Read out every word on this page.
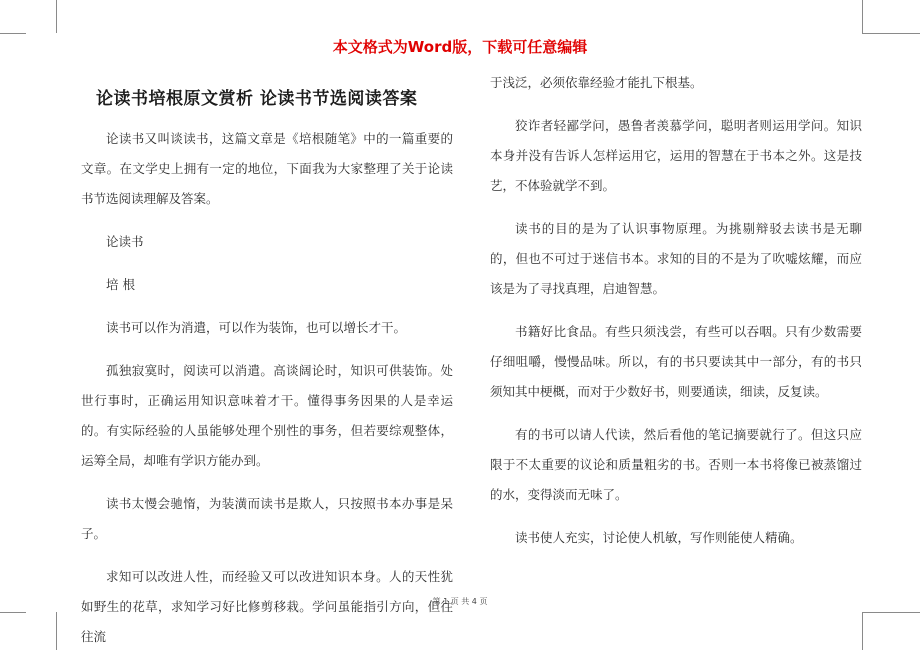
本文格式为Word版，下载可任意编辑
论读书培根原文赏析 论读书节选阅读答案

论读书又叫谈读书，这篇文章是《培根随笔》中的一篇重要的文章。在文学史上拥有一定的地位，下面我为大家整理了关于论读书节选阅读理解及答案。

论读书

培 根

读书可以作为消遣，可以作为装饰，也可以增长才干。

孤独寂寞时，阅读可以消遣。高谈阔论时，知识可供装饰。处世行事时，正确运用知识意味着才干。懂得事务因果的人是幸运的。有实际经验的人虽能够处理个别性的事务，但若要综观整体，运筹全局，却唯有学识方能办到。

读书太慢会驰惰，为装潢而读书是欺人，只按照书本办事是呆子。

求知可以改进人性，而经验又可以改进知识本身。人的天性犹如野生的花草，求知学习好比修剪移栽。学问虽能指引方向，但往往流

于浅泛，必须依靠经验才能扎下根基。

狡诈者轻鄙学问，愚鲁者羡慕学问，聪明者则运用学问。知识本身并没有告诉人怎样运用它，运用的智慧在于书本之外。这是技艺，不体验就学不到。

读书的目的是为了认识事物原理。为挑剔辩驳去读书是无聊的，但也不可过于迷信书本。求知的目的不是为了吹嘘炫耀，而应该是为了寻找真理，启迪智慧。

书籍好比食品。有些只须浅尝，有些可以吞咽。只有少数需要仔细咀嚼，慢慢品味。所以，有的书只要读其中一部分，有的书只须知其中梗概，而对于少数好书，则要通读，细读，反复读。

有的书可以请人代读，然后看他的笔记摘要就行了。但这只应限于不太重要的议论和质量粗劣的书。否则一本书将像已被蒸馏过的水，变得淡而无味了。

读书使人充实，讨论使人机敏，写作则能使人精确。

第 1 页 共 4 页
